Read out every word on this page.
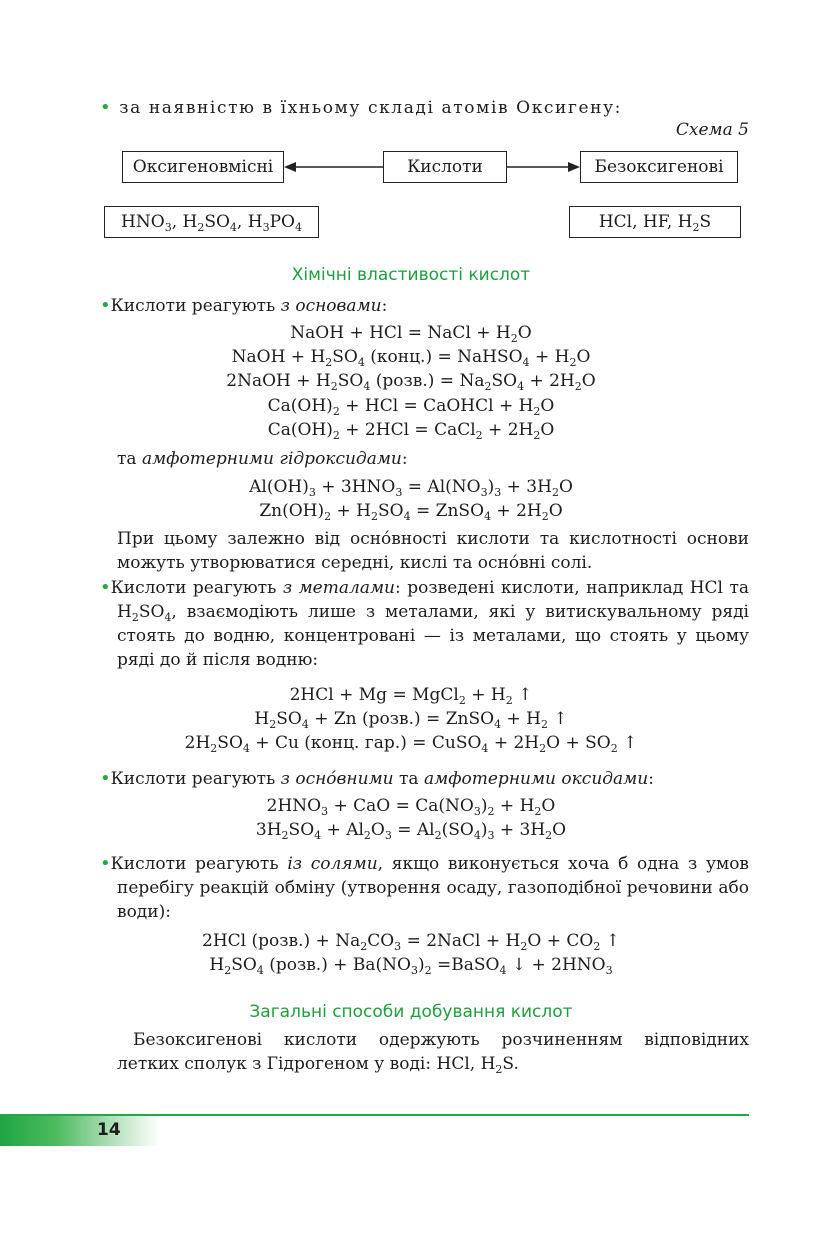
• за наявністю в їхньому складі атомів Оксигену:
Схема 5
Оксигеновмісні	Кислоти	Безоксигенові
$HNO_3$, $H_2SO_4$, $H_3PO_4$	HCl, HF, $H_2S$
Хімічні властивості кислот
•Кислоти реагують з основами:
NaOH + HCl = NaCl + $H_2O$
NaOH + $H_2SO_4$ (конц.) = NaHSO$_4$ + $H_2O$
2NaOH + $H_2SO_4$ (розв.) = $Na_2SO_4 + 2H_2O$
$Ca(OH)_2$ + HCl = CaOHCl + $H_2O$
$Ca(OH)_2 + 2HCl$ = CaCl$_2$ + $2H_2O$
та амфотерними гідроксидами:
$Al(OH)_3 + 3HNO_3 = Al(NO_3)_3 + 3H_2O$
$Zn(OH)_2 + H_2SO_4$ = ZnSO$_4$ + $2H_2O$
При цьому залежно від осно́вності кислоти та кислотності основи можуть утворюватися середні, кислі та осно́вні солі.
•Кислоти реагують з металами: розведені кислоти, наприклад HCl та $H_2SO_4$, взаємодіють лише з металами, які у витискувальному ряді стоять до водню, концентровані — із металами, що стоять у цьому ряді до й після водню:
2HCl + Mg = MgCl$_2$ + $H_2$ ↑
$H_2SO_4 + Zn$ (розв.) = ZnSO$_4$ + $H_2$ ↑
$2H_2SO_4 + Cu$ (конц. гар.) = CuSO$_4$ + $2H_2O + SO_2$ ↑
•Кислоти реагують з осно́вними та амфотерними оксидами:
$2HNO_3$ + CaO = $Ca(NO_3)_2 + H_2O$
$3H_2SO_4 + Al_2O_3 = Al_2(SO_4)_3 + 3H_2O$
•Кислоти реагують із солями, якщо виконується хоча б одна з умов перебігу реакцій обміну (утворення осаду, газоподібної речовини або води):
2HCl (розв.) + $Na_2CO_3$ = 2NaCl + $H_2O + CO_2$ ↑
$H_2SO_4$ (розв.) + $Ba(NO_3)_2$ =BaSO$_4$ ↓ + $2HNO_3$
Загальні способи добування кислот
Безоксигенові кислоти одержують розчиненням відповідних летких сполук з Гідрогеном у воді: HCl, $H_2S$.
14
